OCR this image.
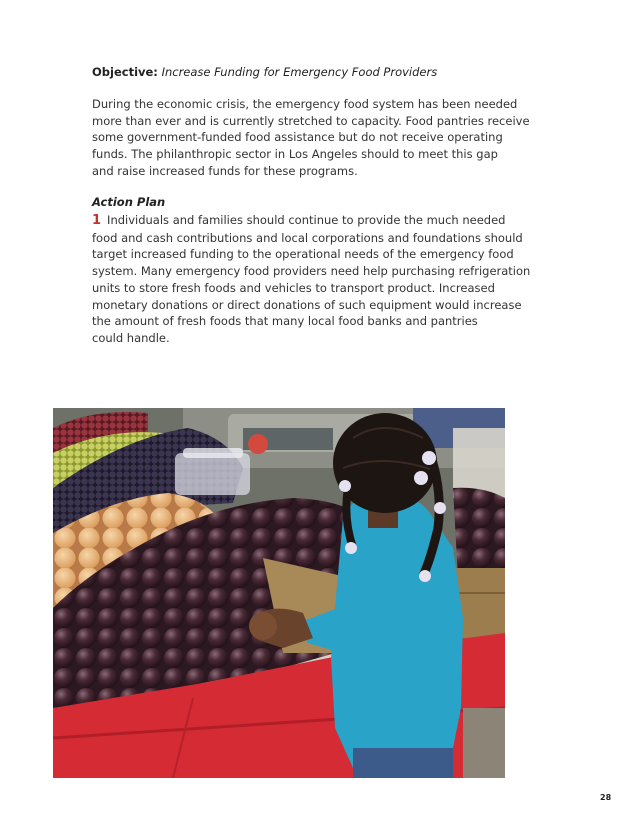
Objective: Increase Funding for Emergency Food Providers

During the economic crisis, the emergency food system has been needed
more than ever and is currently stretched to capacity. Food pantries receive
some government-funded food assistance but do not receive operating
funds. The philanthropic sector in Los Angeles should to meet this gap
and raise increased funds for these programs.

Action Plan

1 Individuals and families should continue to provide the much needed
food and cash contributions and local corporations and foundations should
target increased funding to the operational needs of the emergency food
system. Many emergency food providers need help purchasing refrigeration
units to store fresh foods and vehicles to transport product. Increased
monetary donations or direct donations of such equipment would increase
the amount of fresh foods that many local food banks and pantries
could handle.

28
